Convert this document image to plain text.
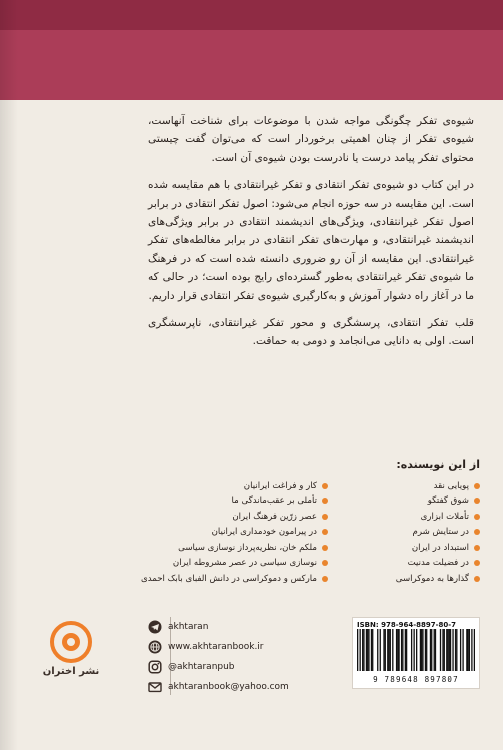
شیوه‌ی تفکر چگونگی مواجه شدن با موضوعات برای شناخت آنهاست، شیوه‌ی تفکر از چنان اهمیتی برخوردار است که می‌توان گفت چیستی محتوای تفکر پیامد درست یا نادرست بودن شیوه‌ی آن است.

در این کتاب دو شیوه‌ی تفکر انتقادی و تفکر غیرانتقادی با هم مقایسه شده است. این مقایسه در سه حوزه انجام می‌شود: اصول تفکر انتقادی در برابر اصول تفکر غیرانتقادی، ویژگی‌های اندیشمند انتقادی در برابر ویژگی‌های اندیشمند غیرانتقادی، و مهارت‌های تفکر انتقادی در برابر مغالطه‌های تفکر غیرانتقادی. این مقایسه از آن رو ضروری دانسته شده است که در فرهنگ ما شیوه‌ی تفکر غیرانتقادی به‌طور گسترده‌ای رایج بوده است؛ در حالی که ما در آغاز راه دشوار آموزش و به‌کارگیری شیوه‌ی تفکر انتقادی قرار داریم.

قلب تفکر انتقادی، پرسشگری و محور تفکر غیرانتقادی، ناپرسشگری است. اولی به دانایی می‌انجامد و دومی به حماقت.

از این نویسنده:
پویایی نقد
شوق گفتگو
تأملات ابزاری
در ستایش شرم
استبداد در ایران
در فضیلت مدنیت
گذارها به دموکراسی
کار و فراغت ایرانیان
تأملی بر عقب‌ماندگی ما
عصر زرّین فرهنگ ایران
در پیرامون خودمداری ایرانیان
ملکم خان، نظریه‌پرداز نوسازی سیاسی
نوسازی سیاسی در عصر مشروطه ایران
مارکس و دموکراسی در دانش الفبای بابک احمدی
نشر اختران
akhtaran
www.akhtaranbook.ir
@akhtaranpub
akhtaranbook@yahoo.com
ISBN: 978-964-8897-80-7
9 789648 897807
